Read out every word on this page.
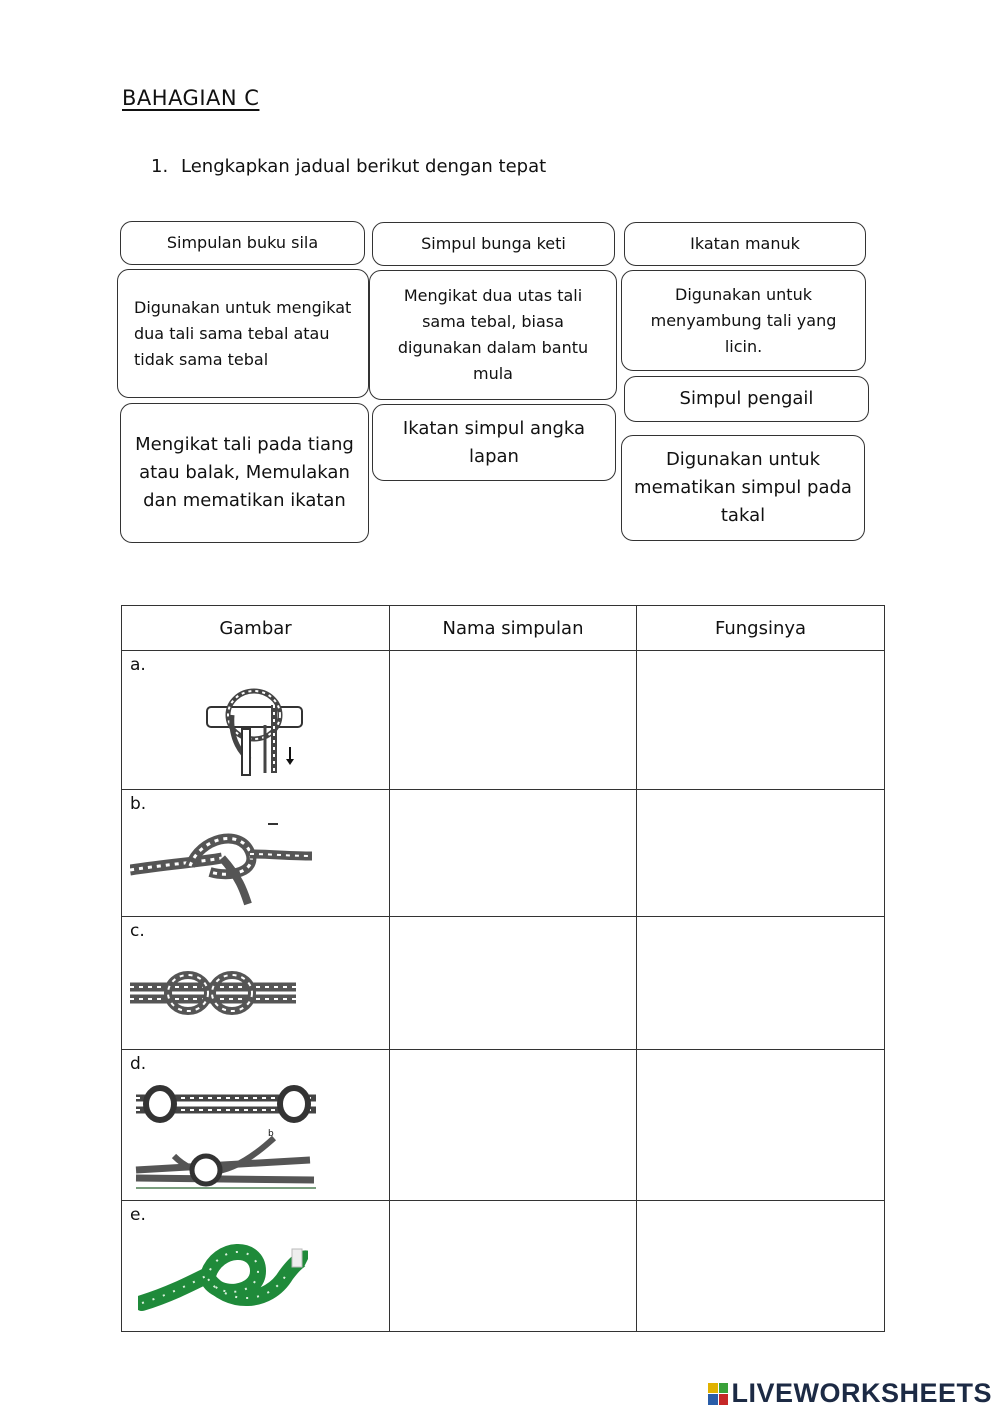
BAHAGIAN C
1. Lengkapkan jadual berikut dengan tepat
Simpulan buku sila	Simpul bunga keti	Ikatan manuk
Digunakan untuk mengikat dua tali sama tebal atau tidak sama tebal
Mengikat dua utas tali sama tebal, biasa digunakan dalam bantu mula
Digunakan untuk menyambung tali yang licin.
Simpul pengail
Mengikat tali pada tiang atau balak, Memulakan dan mematikan ikatan
Ikatan simpul angka lapan	Digunakan untuk mematikan simpul pada takal
Gambar	Nama simpulan	Fungsinya

a.		

b.		

c.		

d.
b		

e.		

LIVEWORKSHEETS
